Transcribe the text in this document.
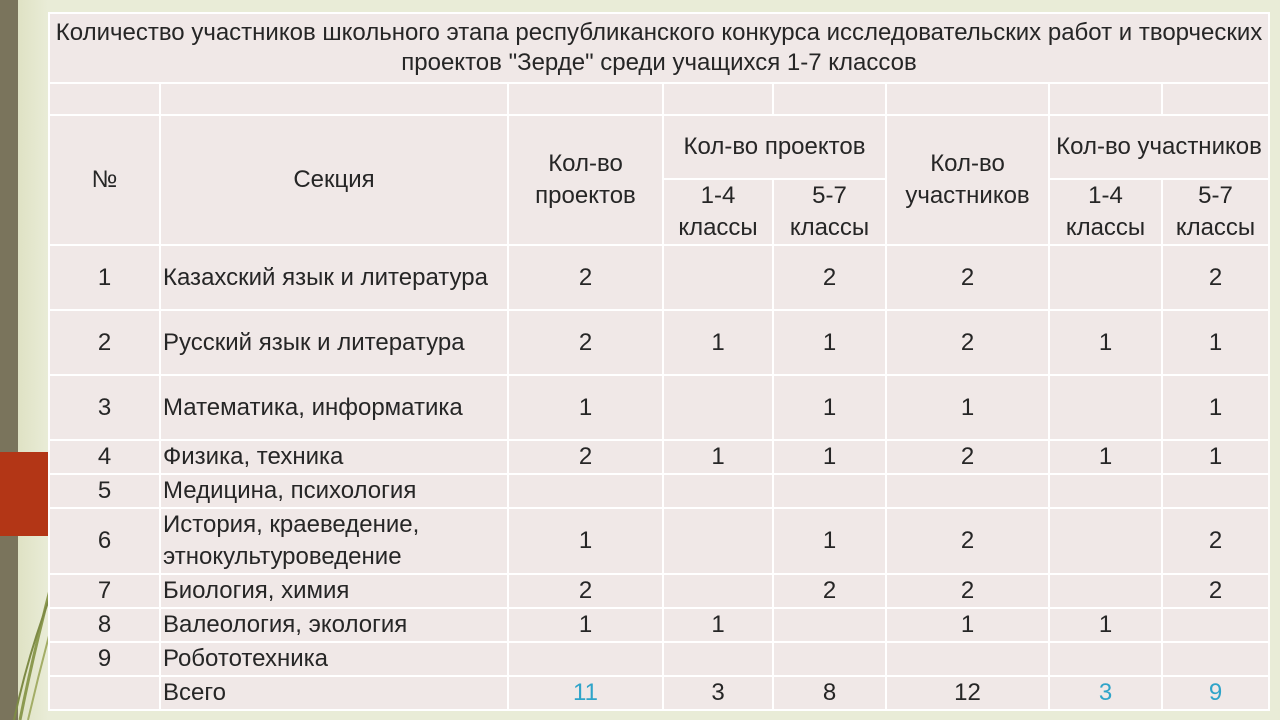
Количество участников школьного этапа республиканского конкурса исследовательских работ и творческих проектов "Зерде" среди учащихся 1-7 классов							

№	Секция	Кол-во проектов	Кол-во проектов		Кол-во участников	Кол-во участников	
			1-4 классы	5-7 классы		1-4 классы	5-7 классы
1	Казахский язык и литература	2		2	2		2
2	Русский язык и литература	2	1	1	2	1	1
3	Математика, информатика	1		1	1		1
4	Физика, техника	2	1	1	2	1	1
5	Медицина, психология						
6	История, краеведение, этнокультуроведение	1		1	2		2
7	Биология, химия	2		2	2		2
8	Валеология, экология	1	1		1	1	
9	Робототехника						
	Всего	11	3	8	12	3	9
